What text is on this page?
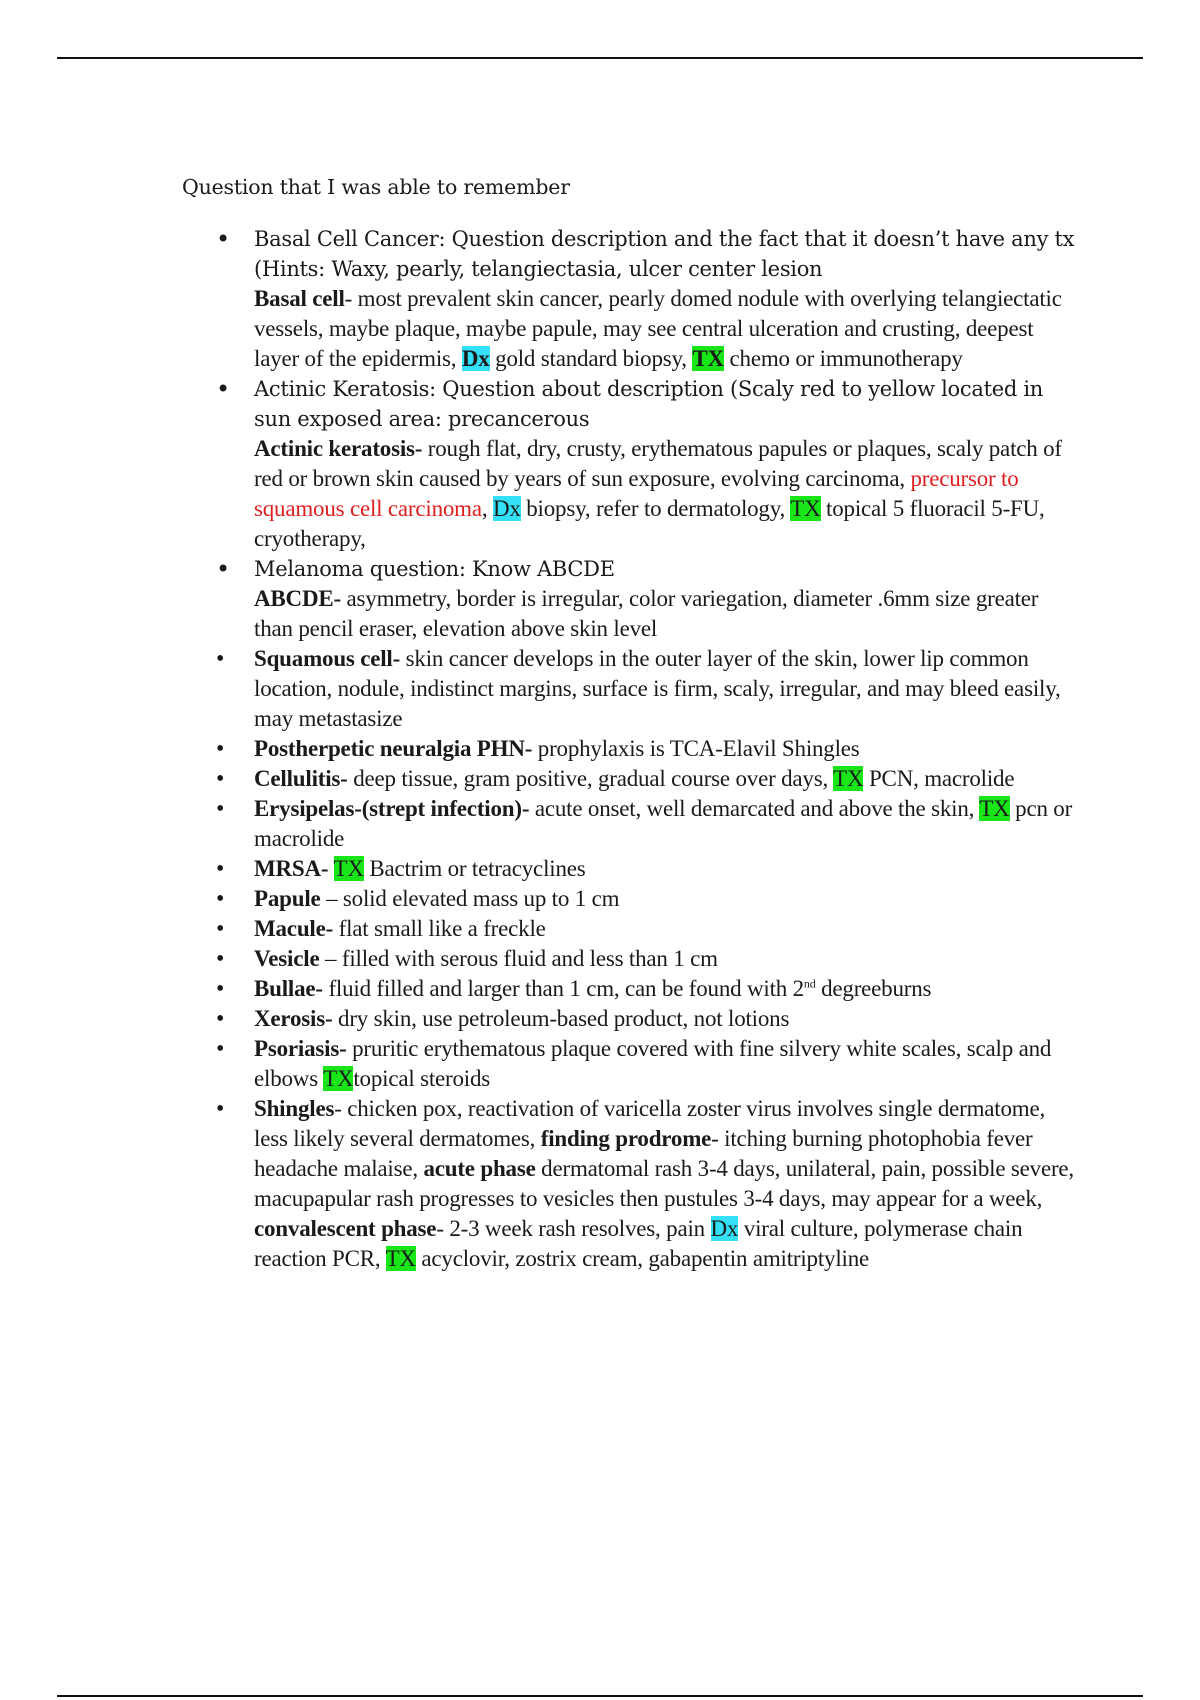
Question that I was able to remember
• Basal Cell Cancer: Question description and the fact that it doesn’t have any tx
(Hints: Waxy, pearly, telangiectasia, ulcer center lesion
Basal cell- most prevalent skin cancer, pearly domed nodule with overlying telangiectatic vessels, maybe plaque, maybe papule, may see central ulceration and crusting, deepest layer of the epidermis, Dx gold standard biopsy, TX chemo or immunotherapy
• Actinic Keratosis: Question about description (Scaly red to yellow located in
sun exposed area: precancerous
Actinic keratosis- rough flat, dry, crusty, erythematous papules or plaques, scaly patch of red or brown skin caused by years of sun exposure, evolving carcinoma, precursor to squamous cell carcinoma, Dx biopsy, refer to dermatology, TX topical 5 fluoracil 5-FU, cryotherapy,
• Melanoma question: Know ABCDE
ABCDE- asymmetry, border is irregular, color variegation, diameter .6mm size greater than pencil eraser, elevation above skin level
• Squamous cell- skin cancer develops in the outer layer of the skin, lower lip common location, nodule, indistinct margins, surface is firm, scaly, irregular, and may bleed easily, may metastasize
• Postherpetic neuralgia PHN- prophylaxis is TCA-Elavil Shingles
• Cellulitis- deep tissue, gram positive, gradual course over days, TX PCN, macrolide
• Erysipelas-(strept infection)- acute onset, well demarcated and above the skin, TX pcn or macrolide
• MRSA- TX Bactrim or tetracyclines
• Papule – solid elevated mass up to 1 cm
• Macule- flat small like a freckle
• Vesicle – filled with serous fluid and less than 1 cm
• Bullae- fluid filled and larger than 1 cm, can be found with 2nd degreeburns
• Xerosis- dry skin, use petroleum-based product, not lotions
• Psoriasis- pruritic erythematous plaque covered with fine silvery white scales, scalp and elbows TXtopical steroids
• Shingles- chicken pox, reactivation of varicella zoster virus involves single dermatome, less likely several dermatomes, finding prodrome- itching burning photophobia fever headache malaise, acute phase dermatomal rash 3-4 days, unilateral, pain, possible severe, macupapular rash progresses to vesicles then pustules 3-4 days, may appear for a week, convalescent phase- 2-3 week rash resolves, pain Dx viral culture, polymerase chain reaction PCR, TX acyclovir, zostrix cream, gabapentin amitriptyline
